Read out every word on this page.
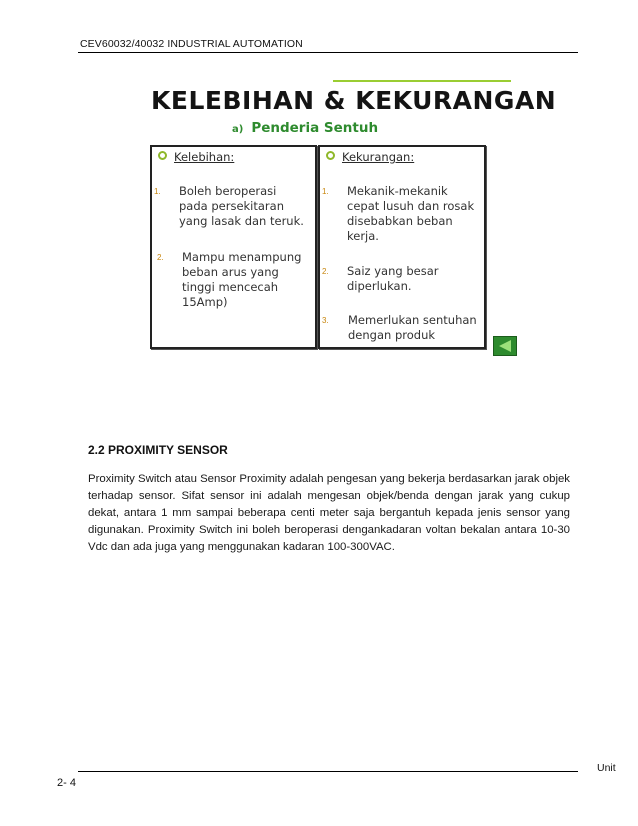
CEV60032/40032 INDUSTRIAL AUTOMATION
KELEBIHAN & KEKURANGAN
a) Penderia Sentuh
Kelebihan:
1. Boleh beroperasi
pada persekitaran
yang lasak dan teruk.
2. Mampu menampung
beban arus yang
tinggi mencecah
15Amp)
Kekurangan:
1. Mekanik-mekanik
cepat lusuh dan rosak
disebabkan beban
kerja.
2. Saiz yang besar
diperlukan.
3. Memerlukan sentuhan
dengan produk
2.2 PROXIMITY SENSOR
Proximity Switch atau Sensor Proximity adalah pengesan yang bekerja berdasarkan jarak objek terhadap sensor. Sifat sensor ini adalah mengesan objek/benda dengan jarak yang cukup dekat, antara 1 mm sampai beberapa centi meter saja bergantuh kepada jenis sensor yang digunakan. Proximity Switch ini boleh beroperasi dengankadaran voltan bekalan antara 10-30 Vdc dan ada juga yang menggunakan kadaran 100-300VAC.
Unit
2- 4
